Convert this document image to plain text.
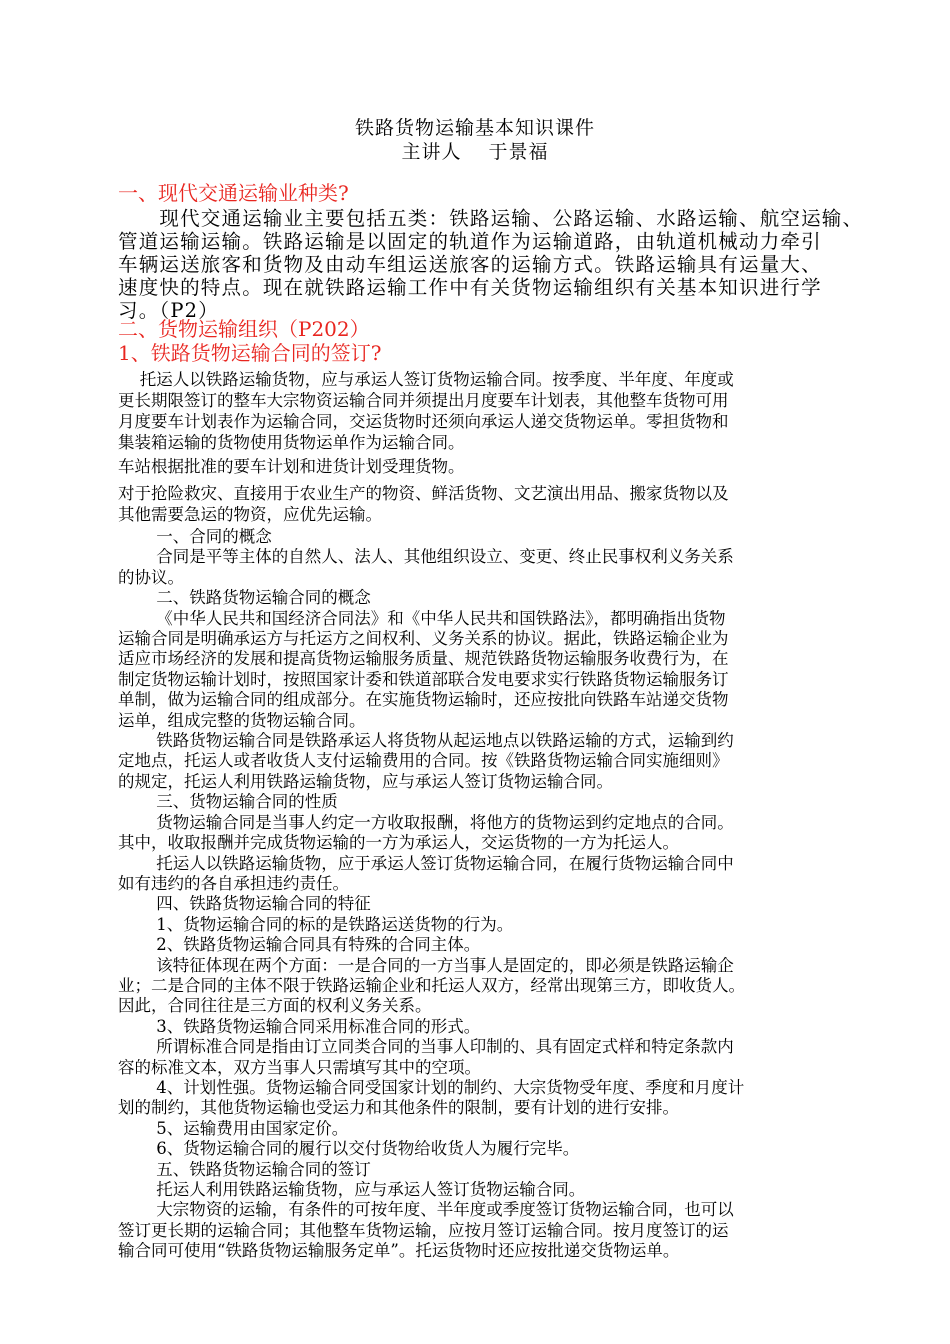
铁路货物运输基本知识课件
主讲人　 于景福
一、现代交通运输业种类?
　　现代交通运输业主要包括五类：铁路运输、公路运输、水路运输、航空运输、
管道运输运输。铁路运输是以固定的轨道作为运输道路，由轨道机械动力牵引
车辆运送旅客和货物及由动车组运送旅客的运输方式。铁路运输具有运量大、
速度快的特点。现在就铁路运输工作中有关货物运输组织有关基本知识进行学
习。（P2）
二、货物运输组织（P202）
1、铁路货物运输合同的签订?
　 托运人以铁路运输货物，应与承运人签订货物运输合同。按季度、半年度、年度或
更长期限签订的整车大宗物资运输合同并须提出月度要车计划表，其他整车货物可用
月度要车计划表作为运输合同，交运货物时还须向承运人递交货物运单。零担货物和
集装箱运输的货物使用货物运单作为运输合同。
车站根据批准的要车计划和进货计划受理货物。
对于抢险救灾、直接用于农业生产的物资、鲜活货物、文艺演出用品、搬家货物以及
其他需要急运的物资，应优先运输。
　　 一、合同的概念
　　 合同是平等主体的自然人、法人、其他组织设立、变更、终止民事权利义务关系
的协议。
　　 二、铁路货物运输合同的概念
　　 《中华人民共和国经济合同法》和《中华人民共和国铁路法》，都明确指出货物
运输合同是明确承运方与托运方之间权利、义务关系的协议。据此，铁路运输企业为
适应市场经济的发展和提高货物运输服务质量、规范铁路货物运输服务收费行为，在
制定货物运输计划时，按照国家计委和铁道部联合发电要求实行铁路货物运输服务订
单制，做为运输合同的组成部分。在实施货物运输时，还应按批向铁路车站递交货物
运单，组成完整的货物运输合同。
　　 铁路货物运输合同是铁路承运人将货物从起运地点以铁路运输的方式，运输到约
定地点，托运人或者收货人支付运输费用的合同。按《铁路货物运输合同实施细则》
的规定，托运人利用铁路运输货物，应与承运人签订货物运输合同。
　　 三、货物运输合同的性质
　　 货物运输合同是当事人约定一方收取报酬，将他方的货物运到约定地点的合同。
其中，收取报酬并完成货物运输的一方为承运人，交运货物的一方为托运人。
　　 托运人以铁路运输货物，应于承运人签订货物运输合同，在履行货物运输合同中
如有违约的各自承担违约责任。
　　 四、铁路货物运输合同的特征
　　 1、货物运输合同的标的是铁路运送货物的行为。
　　 2、铁路货物运输合同具有特殊的合同主体。
　　 该特征体现在两个方面：一是合同的一方当事人是固定的，即必须是铁路运输企
业；二是合同的主体不限于铁路运输企业和托运人双方，经常出现第三方，即收货人。
因此，合同往往是三方面的权利义务关系。
　　 3、铁路货物运输合同采用标准合同的形式。
　　 所谓标准合同是指由订立同类合同的当事人印制的、具有固定式样和特定条款内
容的标准文本，双方当事人只需填写其中的空项。
　　 4、计划性强。货物运输合同受国家计划的制约、大宗货物受年度、季度和月度计
划的制约，其他货物运输也受运力和其他条件的限制，要有计划的进行安排。
　　 5、运输费用由国家定价。
　　 6、货物运输合同的履行以交付货物给收货人为履行完毕。
　　 五、铁路货物运输合同的签订
　　 托运人利用铁路运输货物，应与承运人签订货物运输合同。
　　 大宗物资的运输，有条件的可按年度、半年度或季度签订货物运输合同，也可以
签订更长期的运输合同；其他整车货物运输，应按月签订运输合同。按月度签订的运
输合同可使用“铁路货物运输服务定单”。托运货物时还应按批递交货物运单。
